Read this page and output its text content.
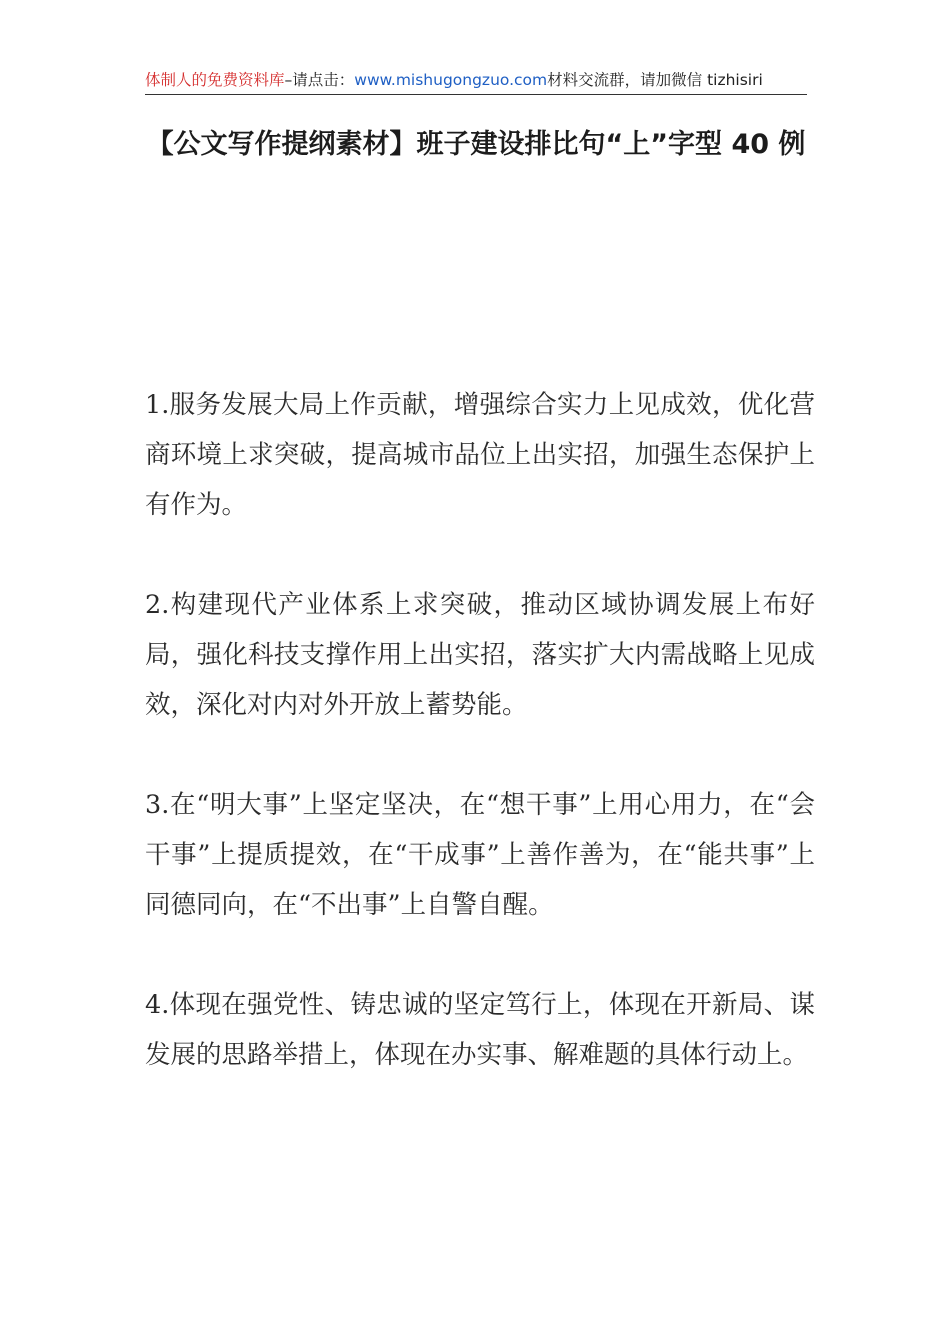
体制人的免费资料库–请点击：www.mishugongzuo.com材料交流群，请加微信 tizhisiri
【公文写作提纲素材】班子建设排比句“上”字型 40 例

1.服务发展大局上作贡献，增强综合实力上见成效，优化营商环境上求突破，提高城市品位上出实招，加强生态保护上有作为。

2.构建现代产业体系上求突破，推动区域协调发展上布好局，强化科技支撑作用上出实招，落实扩大内需战略上见成效，深化对内对外开放上蓄势能。

3.在“明大事”上坚定坚决，在“想干事”上用心用力，在“会干事”上提质提效，在“干成事”上善作善为，在“能共事”上同德同向，在“不出事”上自警自醒。

4.体现在强党性、铸忠诚的坚定笃行上，体现在开新局、谋发展的思路举措上，体现在办实事、解难题的具体行动上。
